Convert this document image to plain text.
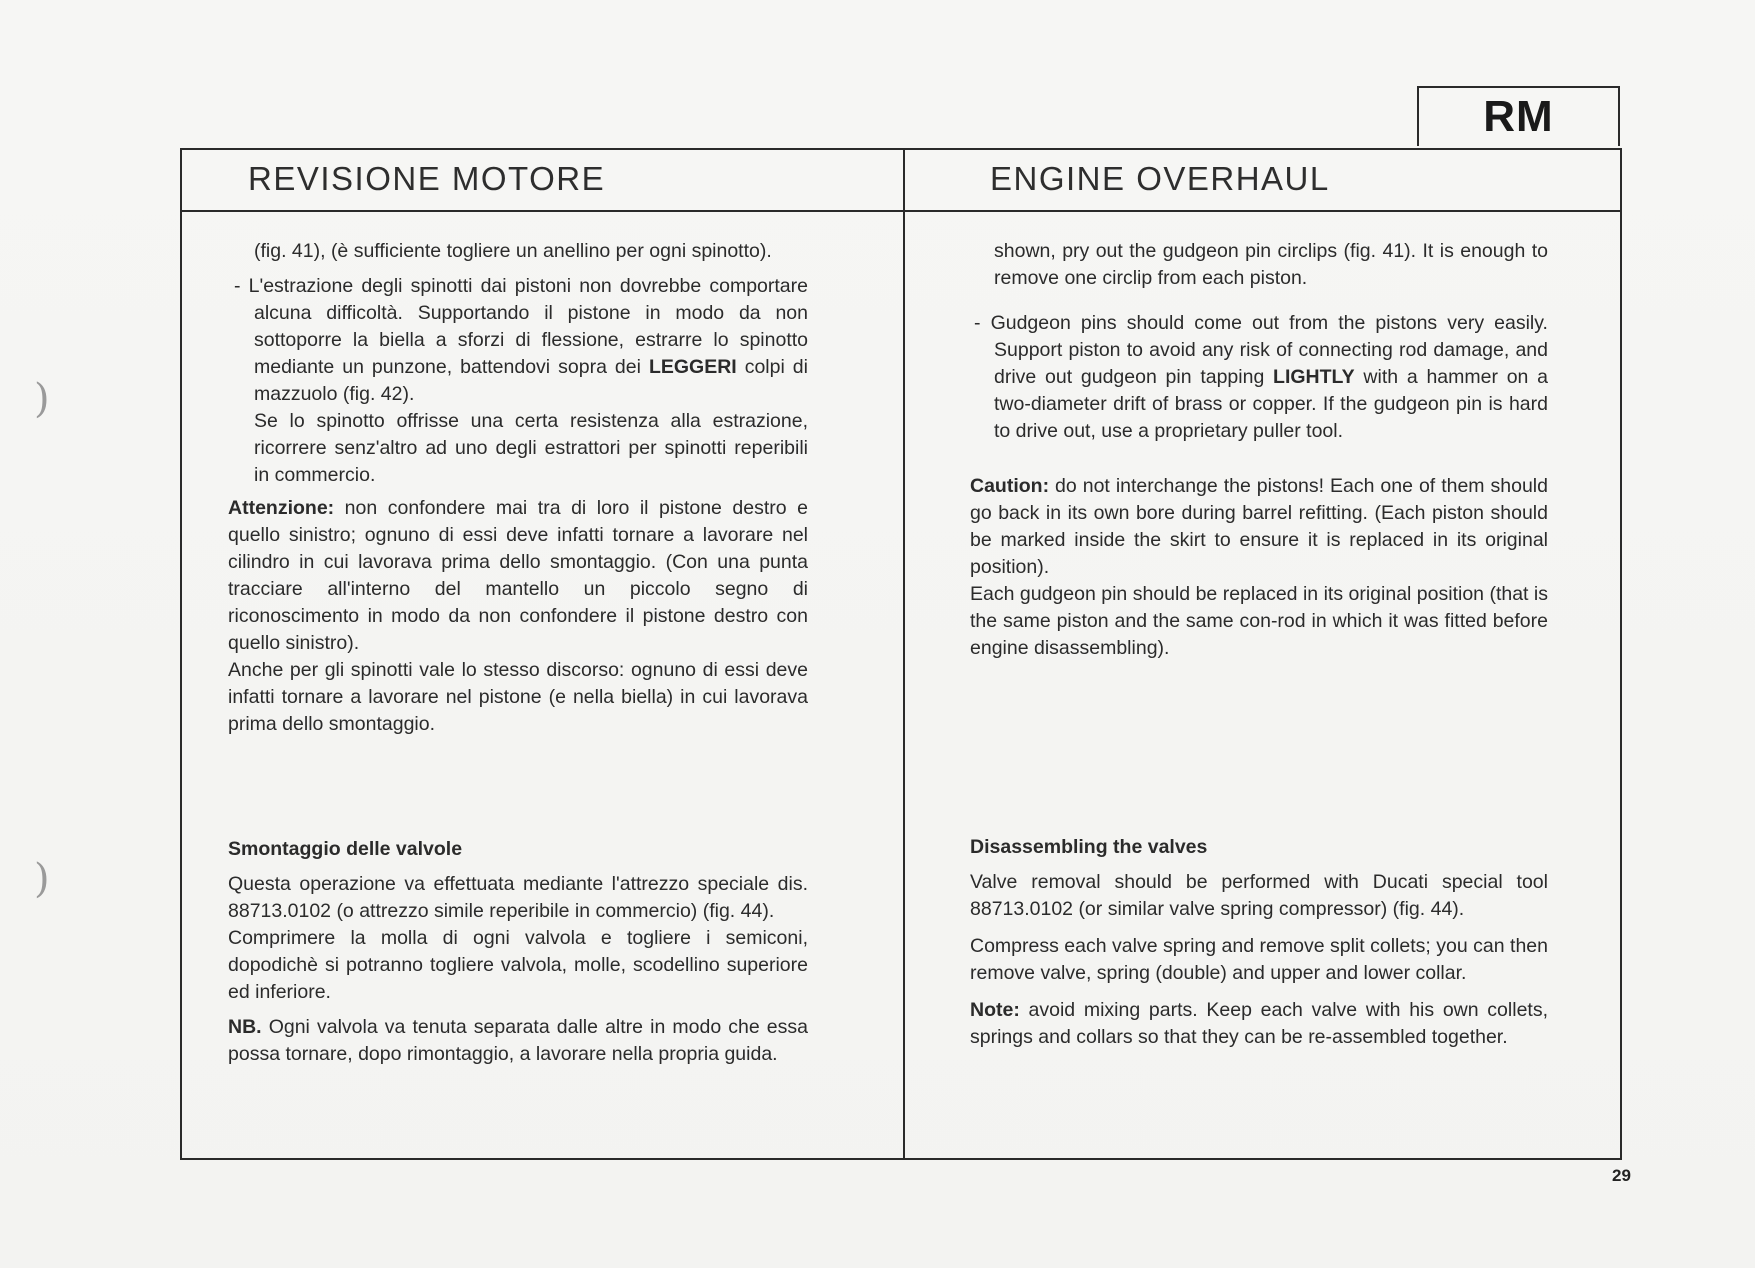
)
)
RM
REVISIONE MOTORE	ENGINE OVERHAUL

(fig. 41), (è sufficiente togliere un anellino per ogni spinotto).

- L'estrazione degli spinotti dai pistoni non dovrebbe comportare alcuna difficoltà. Supportando il pistone in modo da non sottoporre la biella a sforzi di flessione, estrarre lo spinotto mediante un punzone, battendovi sopra dei LEGGERI colpi di mazzuolo (fig. 42).

Se lo spinotto offrisse una certa resistenza alla estrazione, ricorrere senz'altro ad uno degli estrattori per spinotti reperibili in commercio.

Attenzione: non confondere mai tra di loro il pistone destro e quello sinistro; ognuno di essi deve infatti tornare a lavorare nel cilindro in cui lavorava prima dello smontaggio. (Con una punta tracciare all'interno del mantello un piccolo segno di riconoscimento in modo da non confondere il pistone destro con quello sinistro).

Anche per gli spinotti vale lo stesso discorso: ognuno di essi deve infatti tornare a lavorare nel pistone (e nella biella) in cui lavorava prima dello smontaggio.

Smontaggio delle valvole

Questa operazione va effettuata mediante l'attrezzo speciale dis. 88713.0102 (o attrezzo simile reperibile in commercio) (fig. 44).

Comprimere la molla di ogni valvola e togliere i semiconi, dopodichè si potranno togliere valvola, molle, scodellino superiore ed inferiore.

NB. Ogni valvola va tenuta separata dalle altre in modo che essa possa tornare, dopo rimontaggio, a lavorare nella propria guida.

shown, pry out the gudgeon pin circlips (fig. 41). It is enough to remove one circlip from each piston.

- Gudgeon pins should come out from the pistons very easily. Support piston to avoid any risk of connecting rod damage, and drive out gudgeon pin tapping LIGHTLY with a hammer on a two-diameter drift of brass or copper. If the gudgeon pin is hard to drive out, use a proprietary puller tool.

Caution: do not interchange the pistons! Each one of them should go back in its own bore during barrel refitting. (Each piston should be marked inside the skirt to ensure it is replaced in its original position).

Each gudgeon pin should be replaced in its original position (that is the same piston and the same con-rod in which it was fitted before engine disassembling).

Disassembling the valves

Valve removal should be performed with Ducati special tool 88713.0102 (or similar valve spring compressor) (fig. 44).

Compress each valve spring and remove split collets; you can then remove valve, spring (double) and upper and lower collar.

Note: avoid mixing parts. Keep each valve with his own collets, springs and collars so that they can be re-assembled together.

29
